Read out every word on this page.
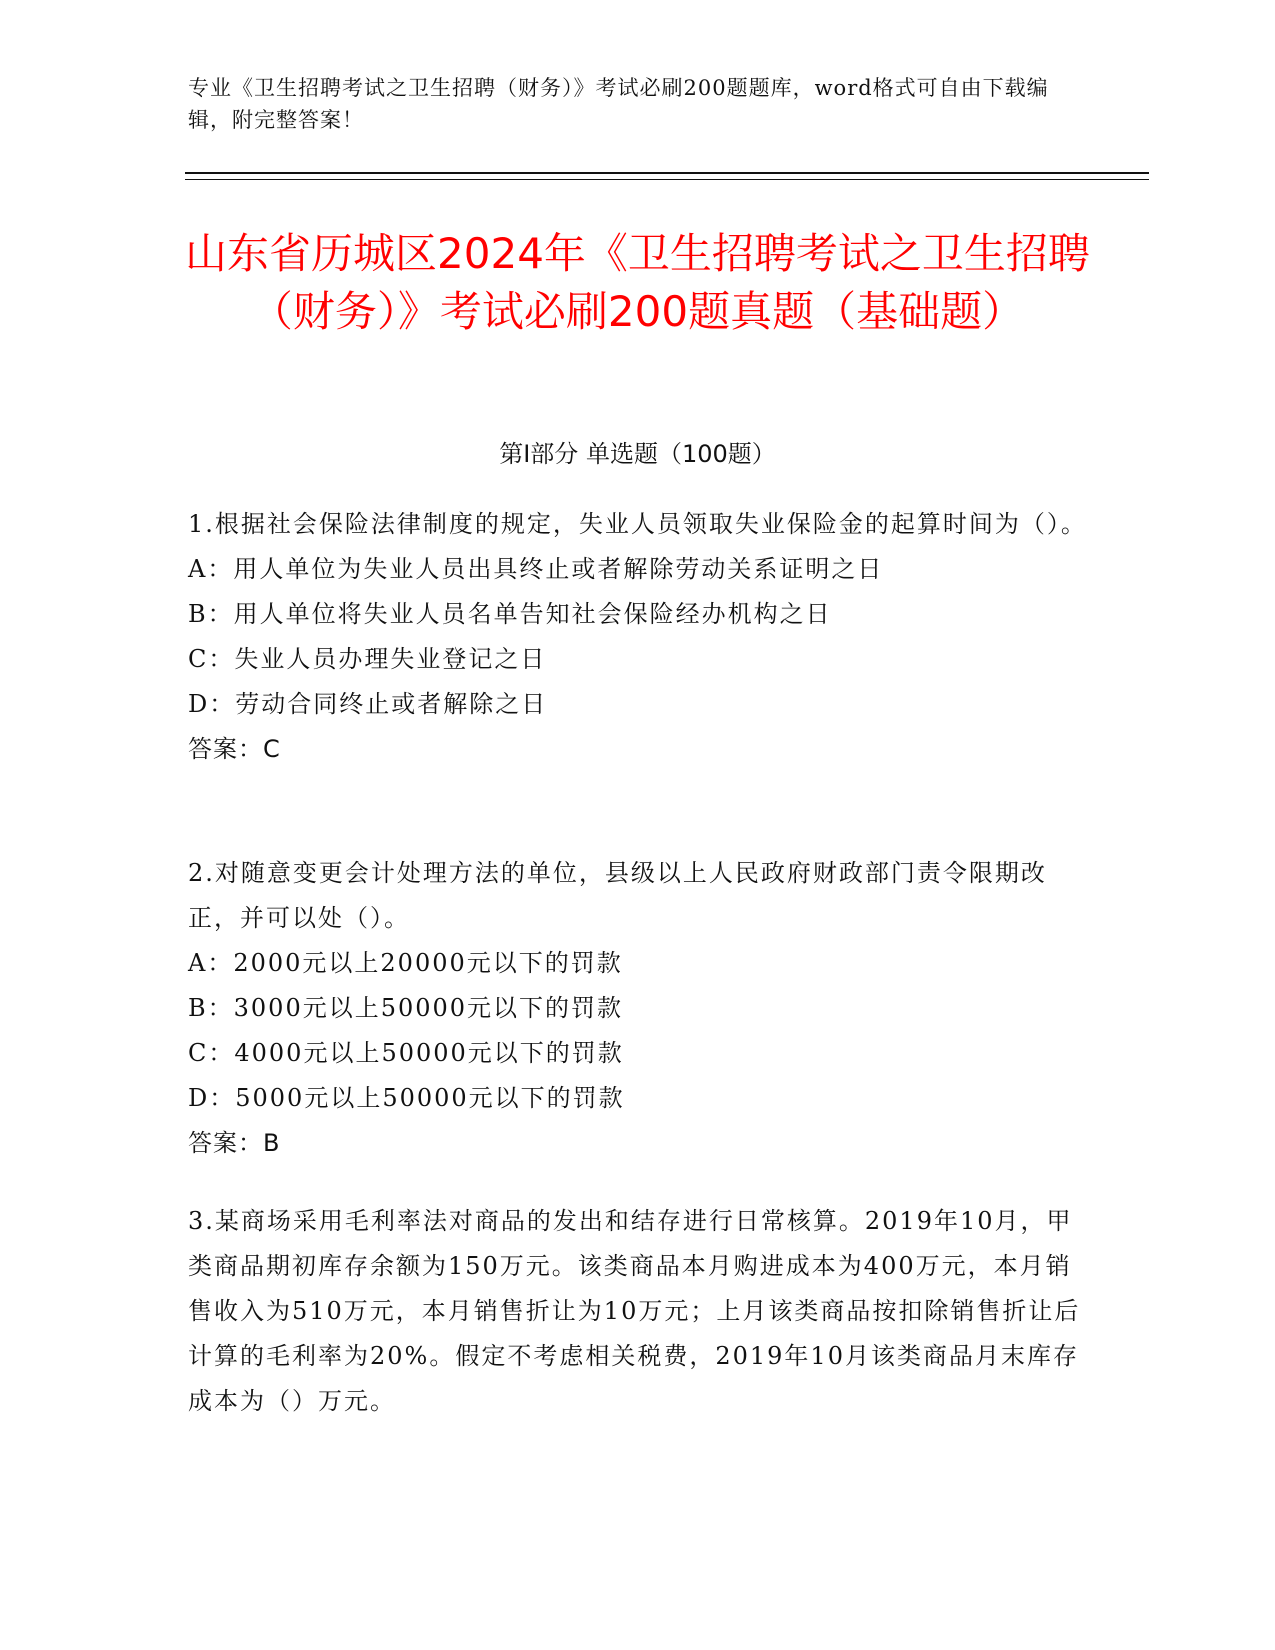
专业《卫生招聘考试之卫生招聘（财务）》考试必刷200题题库，word格式可自由下载编辑，附完整答案！
山东省历城区2024年《卫生招聘考试之卫生招聘（财务）》考试必刷200题真题（基础题）
第I部分 单选题（100题）

1.根据社会保险法律制度的规定，失业人员领取失业保险金的起算时间为（）。

A：用人单位为失业人员出具终止或者解除劳动关系证明之日

B：用人单位将失业人员名单告知社会保险经办机构之日

C：失业人员办理失业登记之日

D：劳动合同终止或者解除之日

答案：C

2.对随意变更会计处理方法的单位，县级以上人民政府财政部门责令限期改正，并可以处（）。

A：2000元以上20000元以下的罚款

B：3000元以上50000元以下的罚款

C：4000元以上50000元以下的罚款

D：5000元以上50000元以下的罚款

答案：B

3.某商场采用毛利率法对商品的发出和结存进行日常核算。2019年10月，甲类商品期初库存余额为150万元。该类商品本月购进成本为400万元，本月销售收入为510万元，本月销售折让为10万元；上月该类商品按扣除销售折让后计算的毛利率为20%。假定不考虑相关税费，2019年10月该类商品月末库存成本为（）万元。
